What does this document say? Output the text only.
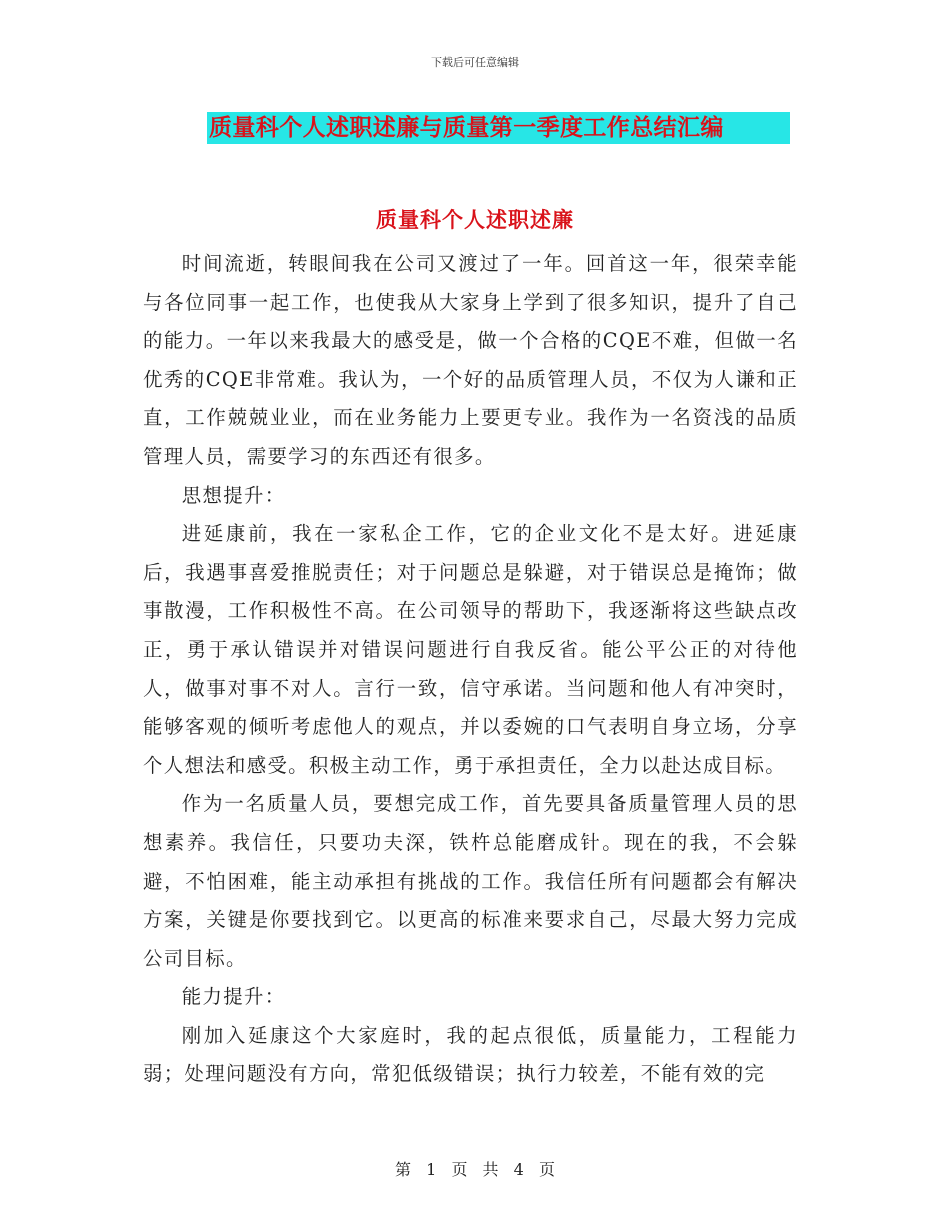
下载后可任意编辑
质量科个人述职述廉与质量第一季度工作总结汇编
质量科个人述职述廉

时间流逝，转眼间我在公司又渡过了一年。回首这一年，很荣幸能与各位同事一起工作，也使我从大家身上学到了很多知识，提升了自己的能力。一年以来我最大的感受是，做一个合格的CQE不难，但做一名优秀的CQE非常难。我认为，一个好的品质管理人员，不仅为人谦和正直，工作兢兢业业，而在业务能力上要更专业。我作为一名资浅的品质管理人员，需要学习的东西还有很多。

思想提升：

进延康前，我在一家私企工作，它的企业文化不是太好。进延康后，我遇事喜爱推脱责任；对于问题总是躲避，对于错误总是掩饰；做事散漫，工作积极性不高。在公司领导的帮助下，我逐渐将这些缺点改正，勇于承认错误并对错误问题进行自我反省。能公平公正的对待他人，做事对事不对人。言行一致，信守承诺。当问题和他人有冲突时，能够客观的倾听考虑他人的观点，并以委婉的口气表明自身立场，分享个人想法和感受。积极主动工作，勇于承担责任，全力以赴达成目标。

作为一名质量人员，要想完成工作，首先要具备质量管理人员的思想素养。我信任，只要功夫深，铁杵总能磨成针。现在的我，不会躲避，不怕困难，能主动承担有挑战的工作。我信任所有问题都会有解决方案，关键是你要找到它。以更高的标准来要求自己，尽最大努力完成公司目标。

能力提升：

刚加入延康这个大家庭时，我的起点很低，质量能力，工程能力弱；处理问题没有方向，常犯低级错误；执行力较差，不能有效的完

第 1 页 共 4 页
